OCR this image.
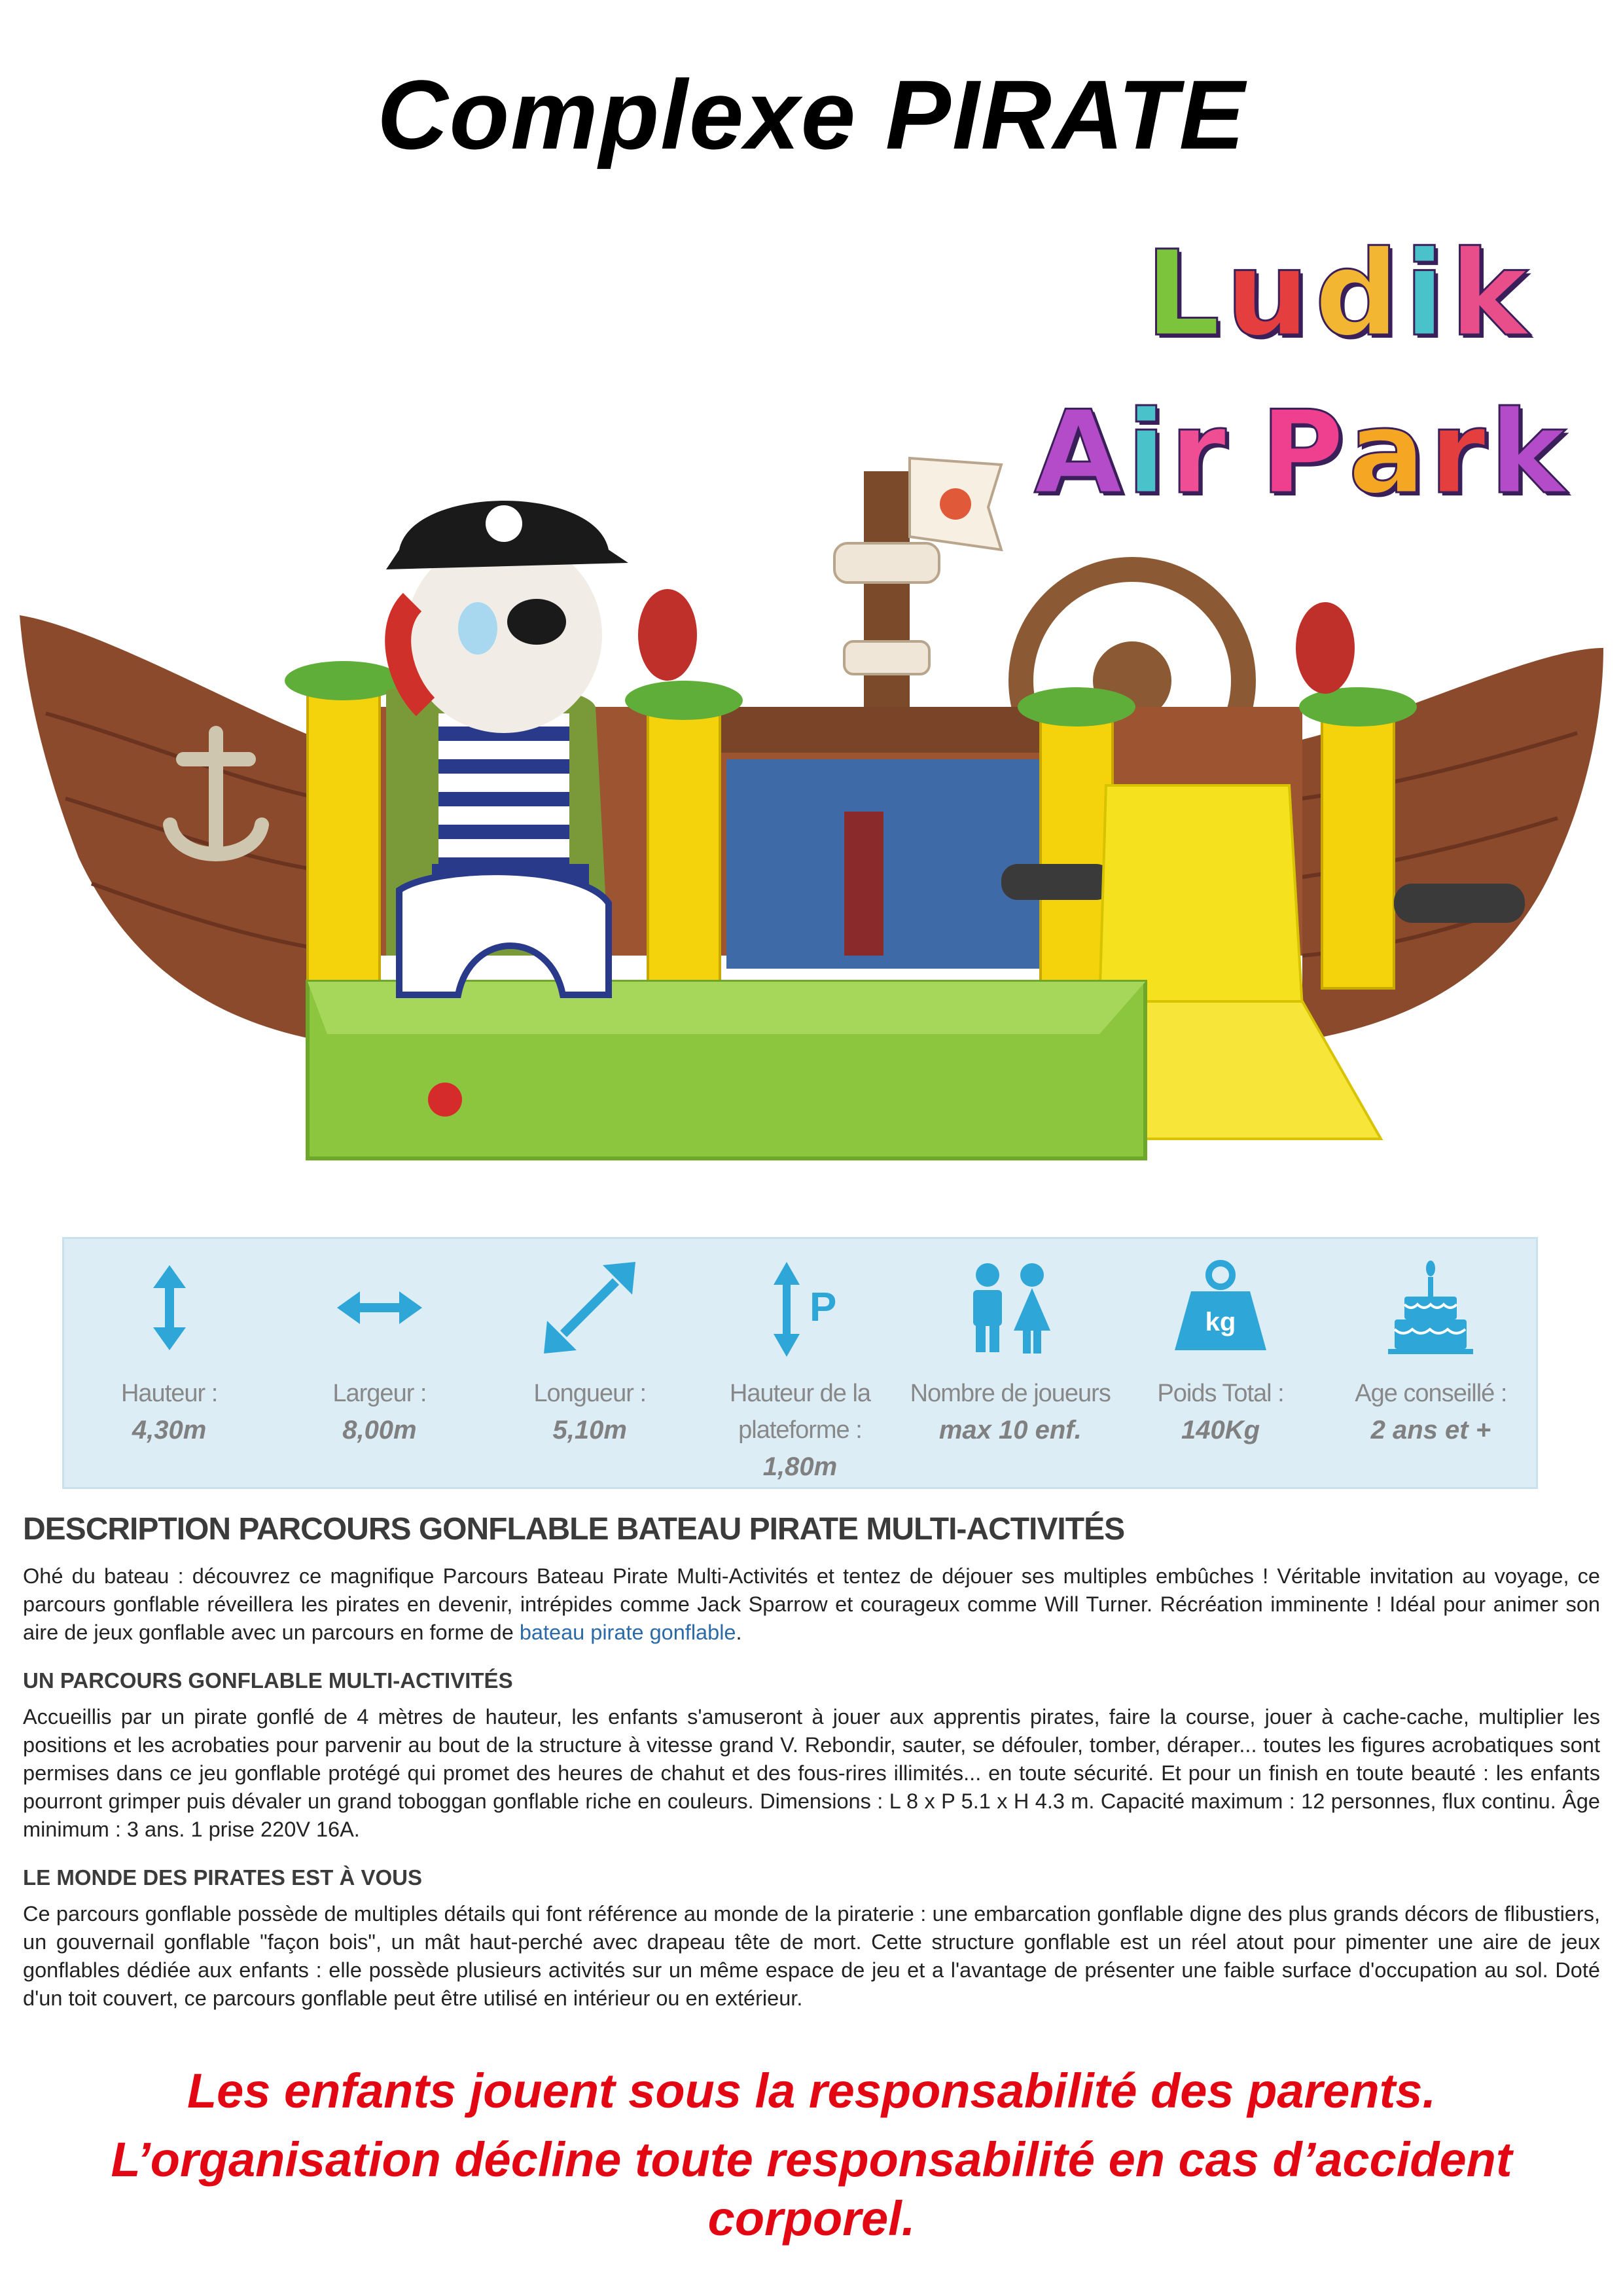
Complexe PIRATE
L u d i k
A i r P a r k
Hauteur :
4,30m
Largeur :
8,00m
Longueur :
5,10m
P
Hauteur de la
plateforme :
1,80m
Nombre de joueurs
max 10 enf.
kg
Poids Total :
140Kg
Age conseillé :
2 ans et +
DESCRIPTION PARCOURS GONFLABLE BATEAU PIRATE MULTI-ACTIVITÉS

Ohé du bateau : découvrez ce magnifique Parcours Bateau Pirate Multi-Activités et tentez de déjouer ses multiples embûches ! Véritable invitation au voyage, ce parcours gonflable réveillera les pirates en devenir, intrépides comme Jack Sparrow et courageux comme Will Turner. Récréation imminente ! Idéal pour animer son aire de jeux gonflable avec un parcours en forme de bateau pirate gonflable.

UN PARCOURS GONFLABLE MULTI-ACTIVITÉS

Accueillis par un pirate gonflé de 4 mètres de hauteur, les enfants s'amuseront à jouer aux apprentis pirates, faire la course, jouer à cache-cache, multiplier les positions et les acrobaties pour parvenir au bout de la structure à vitesse grand V. Rebondir, sauter, se défouler, tomber, déraper... toutes les figures acrobatiques sont permises dans ce jeu gonflable protégé qui promet des heures de chahut et des fous-rires illimités... en toute sécurité. Et pour un finish en toute beauté : les enfants pourront grimper puis dévaler un grand toboggan gonflable riche en couleurs. Dimensions : L 8 x P 5.1 x H 4.3 m. Capacité maximum : 12 personnes, flux continu. Âge minimum : 3 ans. 1 prise 220V 16A.

LE MONDE DES PIRATES EST À VOUS

Ce parcours gonflable possède de multiples détails qui font référence au monde de la piraterie : une embarcation gonflable digne des plus grands décors de flibustiers, un gouvernail gonflable "façon bois", un mât haut-perché avec drapeau tête de mort. Cette structure gonflable est un réel atout pour pimenter une aire de jeux gonflables dédiée aux enfants : elle possède plusieurs activités sur un même espace de jeu et a l'avantage de présenter une faible surface d'occupation au sol. Doté d'un toit couvert, ce parcours gonflable peut être utilisé en intérieur ou en extérieur.

Les enfants jouent sous la responsabilité des parents.

L’organisation décline toute responsabilité en cas d’accident

corporel.
